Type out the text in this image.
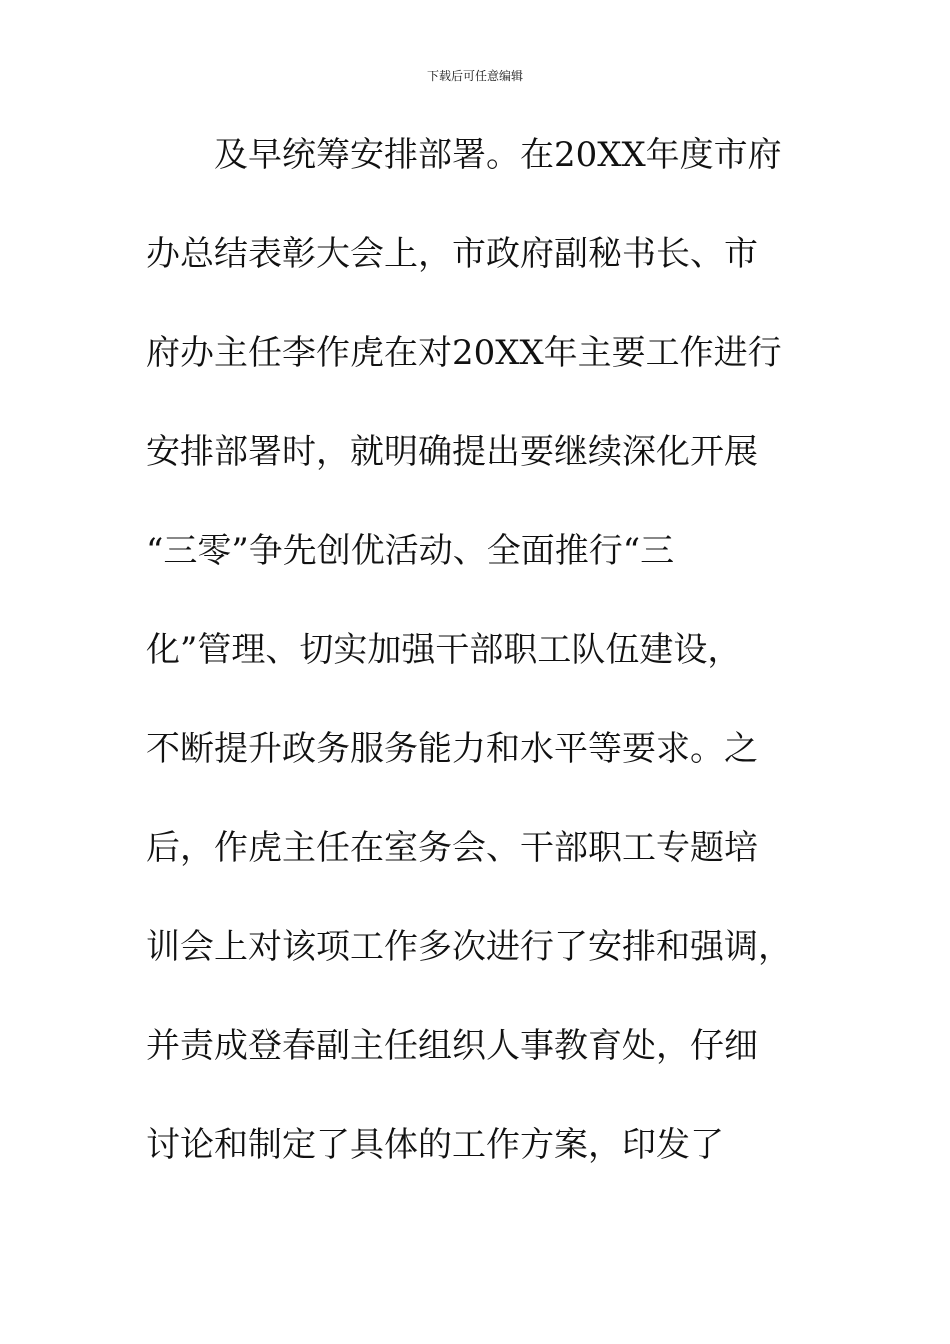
下载后可任意编辑
及早统筹安排部署。在20XX年度市府
办总结表彰大会上，市政府副秘书长、市
府办主任李作虎在对20XX年主要工作进行
安排部署时，就明确提出要继续深化开展
“三零”争先创优活动、全面推行“三
化”管理、切实加强干部职工队伍建设，
不断提升政务服务能力和水平等要求。之
后，作虎主任在室务会、干部职工专题培
训会上对该项工作多次进行了安排和强调，
并责成登春副主任组织人事教育处，仔细
讨论和制定了具体的工作方案，印发了
